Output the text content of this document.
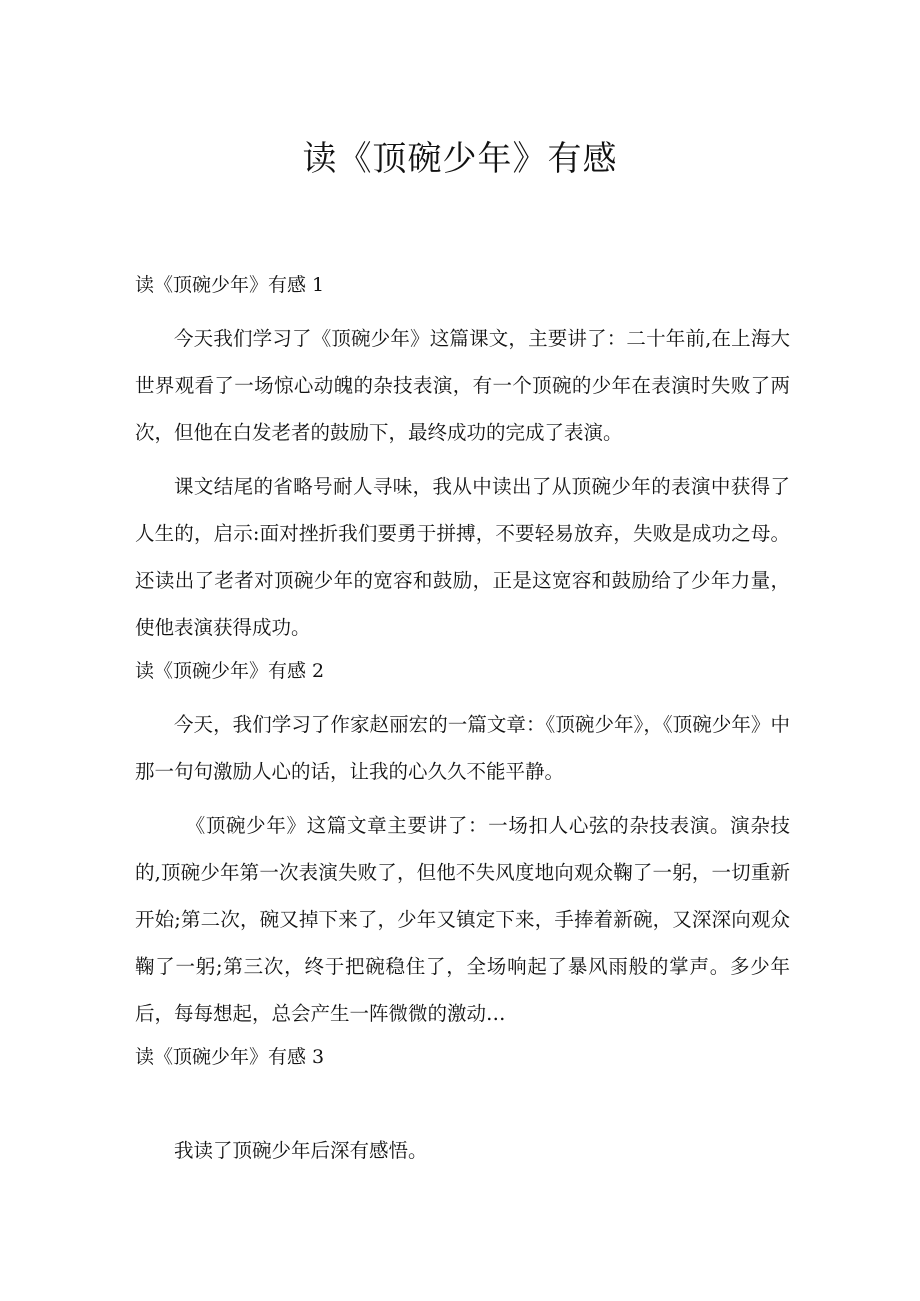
读《顶碗少年》有感
读《顶碗少年》有感 1

今天我们学习了《顶碗少年》这篇课文，主要讲了：二十年前,在上海大世界观看了一场惊心动魄的杂技表演，有一个顶碗的少年在表演时失败了两次，但他在白发老者的鼓励下，最终成功的完成了表演。

课文结尾的省略号耐人寻味，我从中读出了从顶碗少年的表演中获得了人生的，启示:面对挫折我们要勇于拼搏，不要轻易放弃，失败是成功之母。还读出了老者对顶碗少年的宽容和鼓励，正是这宽容和鼓励给了少年力量，使他表演获得成功。

读《顶碗少年》有感 2

今天，我们学习了作家赵丽宏的一篇文章：《顶碗少年》，《顶碗少年》中那一句句激励人心的话，让我的心久久不能平静。

《顶碗少年》这篇文章主要讲了：一场扣人心弦的杂技表演。演杂技的,顶碗少年第一次表演失败了，但他不失风度地向观众鞠了一躬，一切重新开始;第二次，碗又掉下来了，少年又镇定下来，手捧着新碗，又深深向观众鞠了一躬;第三次，终于把碗稳住了，全场响起了暴风雨般的掌声。多少年后，每每想起，总会产生一阵微微的激动…

读《顶碗少年》有感 3

我读了顶碗少年后深有感悟。
